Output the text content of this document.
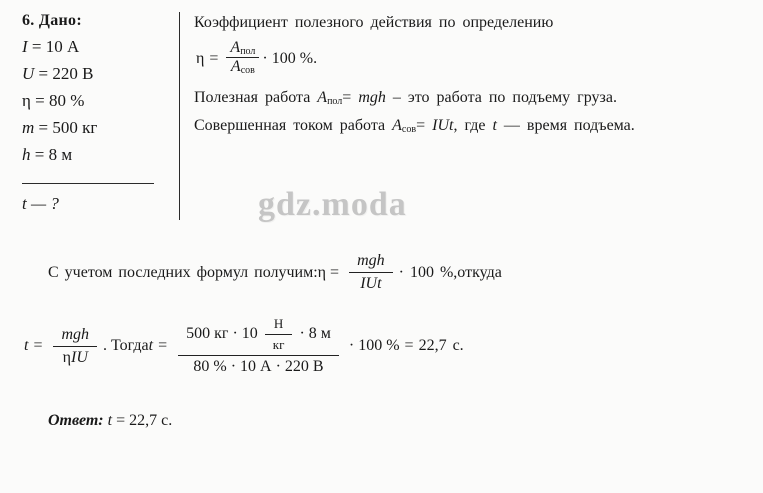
6. Дано:
I = 10 А
U = 220 В
η = 80 %
m = 500 кг
h = 8 м
t — ?

Коэффициент полезного действия по определению

$\eta = \frac{A_{пол}}{A_{сов}} \cdot 100$ %.

Полезная работа $A_{пол}=$ mgh – это работа по подъему груза.

Совершенная током работа $A_{сов}=$ IUt, где t — время подъема.

gdz.moda
С учетом последних формул получим: $\eta = \frac{\text{mgh}}{\text{IUt}} \cdot 100$ %, откуда
$t = \frac{\text{mgh}}{\text{ηIU}}$ . Тогда t =
500 кг · $10 \frac{Н}{кг} \cdot 8$ м
80 % · 10 А · 220 В
· 100 % = 22,7 с.
Ответ: t = 22,7 с.
